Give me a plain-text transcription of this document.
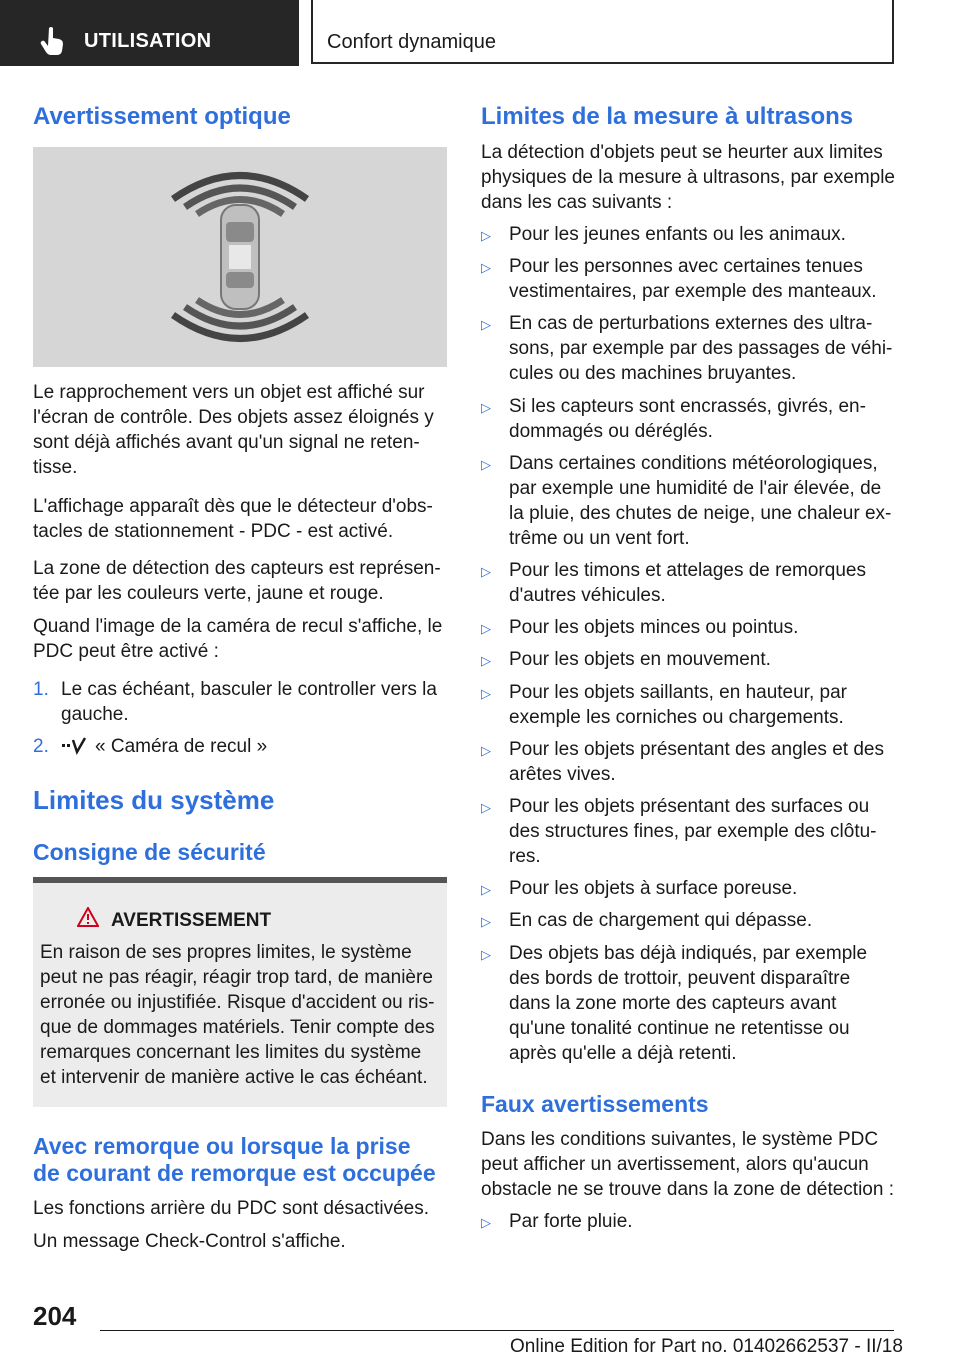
UTILISATION	Confort dynamique
Avertissement optique
Le rapprochement vers un objet est affiché sur
l'écran de contrôle. Des objets assez éloignés y
sont déjà affichés avant qu'un signal ne reten-
tisse.
L'affichage apparaît dès que le détecteur d'obs-
tacles de stationnement - PDC - est activé.
La zone de détection des capteurs est représen-
tée par les couleurs verte, jaune et rouge.
Quand l'image de la caméra de recul s'affiche, le
PDC peut être activé :
1. Le cas échéant, basculer le controller vers la
gauche.
2. « Caméra de recul »
Limites du système
Consigne de sécurité
AVERTISSEMENT
En raison de ses propres limites, le système
peut ne pas réagir, réagir trop tard, de manière
erronée ou injustifiée. Risque d'accident ou ris-
que de dommages matériels. Tenir compte des
remarques concernant les limites du système
et intervenir de manière active le cas échéant.
Avec remorque ou lorsque la prise
de courant de remorque est occupée
Les fonctions arrière du PDC sont désactivées.
Un message Check-Control s'affiche.
Limites de la mesure à ultrasons
La détection d'objets peut se heurter aux limites
physiques de la mesure à ultrasons, par exemple
dans les cas suivants :
▷ Pour les jeunes enfants ou les animaux.
▷ Pour les personnes avec certaines tenues
vestimentaires, par exemple des manteaux.
▷ En cas de perturbations externes des ultra-
sons, par exemple par des passages de véhi-
cules ou des machines bruyantes.
▷ Si les capteurs sont encrassés, givrés, en-
dommagés ou déréglés.
▷ Dans certaines conditions météorologiques,
par exemple une humidité de l'air élevée, de
la pluie, des chutes de neige, une chaleur ex-
trême ou un vent fort.
▷ Pour les timons et attelages de remorques
d'autres véhicules.
▷ Pour les objets minces ou pointus.
▷ Pour les objets en mouvement.
▷ Pour les objets saillants, en hauteur, par
exemple les corniches ou chargements.
▷ Pour les objets présentant des angles et des
arêtes vives.
▷ Pour les objets présentant des surfaces ou
des structures fines, par exemple des clôtu-
res.
▷ Pour les objets à surface poreuse.
▷ En cas de chargement qui dépasse.
▷ Des objets bas déjà indiqués, par exemple
des bords de trottoir, peuvent disparaître
dans la zone morte des capteurs avant
qu'une tonalité continue ne retentisse ou
après qu'elle a déjà retenti.
Faux avertissements
Dans les conditions suivantes, le système PDC
peut afficher un avertissement, alors qu'aucun
obstacle ne se trouve dans la zone de détection :
▷ Par forte pluie.
204
Online Edition for Part no. 01402662537 - II/18
